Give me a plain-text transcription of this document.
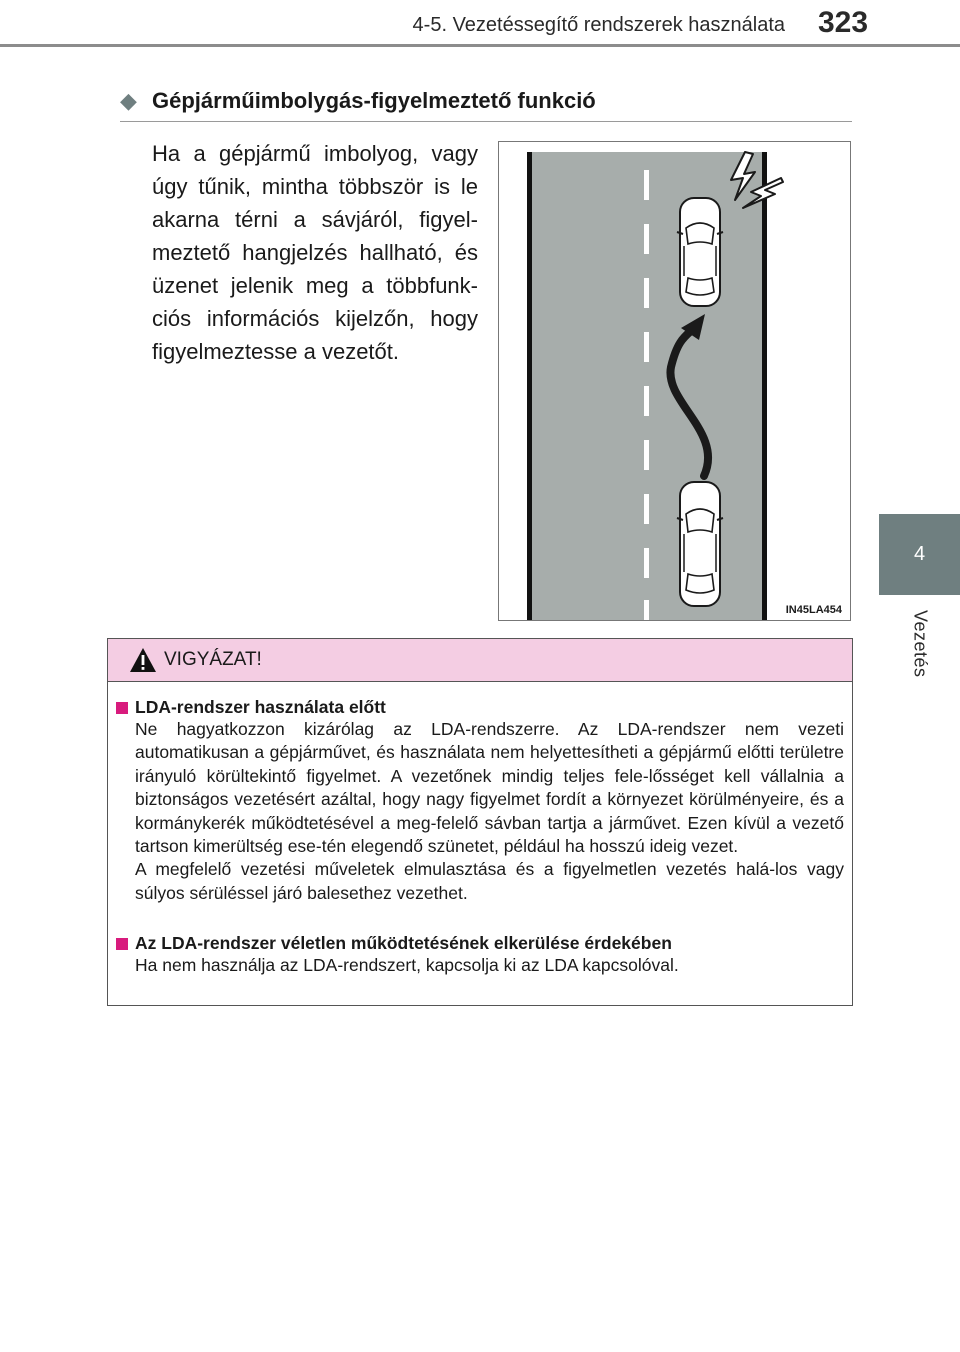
4-5. Vezetéssegítő rendszerek használata 323
4
Vezetés
◆ Gépjárműimbolygás-figyelmeztető funkció
Ha a gépjármű imbolyog, vagy úgy tűnik, mintha többször is le akarna térni a sávjáról, figyel-meztető hangjelzés hallható, és üzenet jelenik meg a többfunk-ciós információs kijelzőn, hogy figyelmeztesse a vezetőt.
IN45LA454
VIGYÁZAT!
LDA-rendszer használata előtt

Ne hagyatkozzon kizárólag az LDA-rendszerre. Az LDA-rendszer nem vezeti automatikusan a gépjárművet, és használata nem helyettesítheti a gépjármű előtti területre irányuló körültekintő figyelmet. A vezetőnek mindig teljes fele-lősséget kell vállalnia a biztonságos vezetésért azáltal, hogy nagy figyelmet fordít a környezet körülményeire, és a kormánykerék működtetésével a meg-felelő sávban tartja a járművet. Ezen kívül a vezető tartson kimerültség ese-tén elegendő szünetet, például ha hosszú ideig vezet.

A megfelelő vezetési műveletek elmulasztása és a figyelmetlen vezetés halá-los vagy súlyos sérüléssel járó balesethez vezethet.

Az LDA-rendszer véletlen működtetésének elkerülése érdekében

Ha nem használja az LDA-rendszert, kapcsolja ki az LDA kapcsolóval.
